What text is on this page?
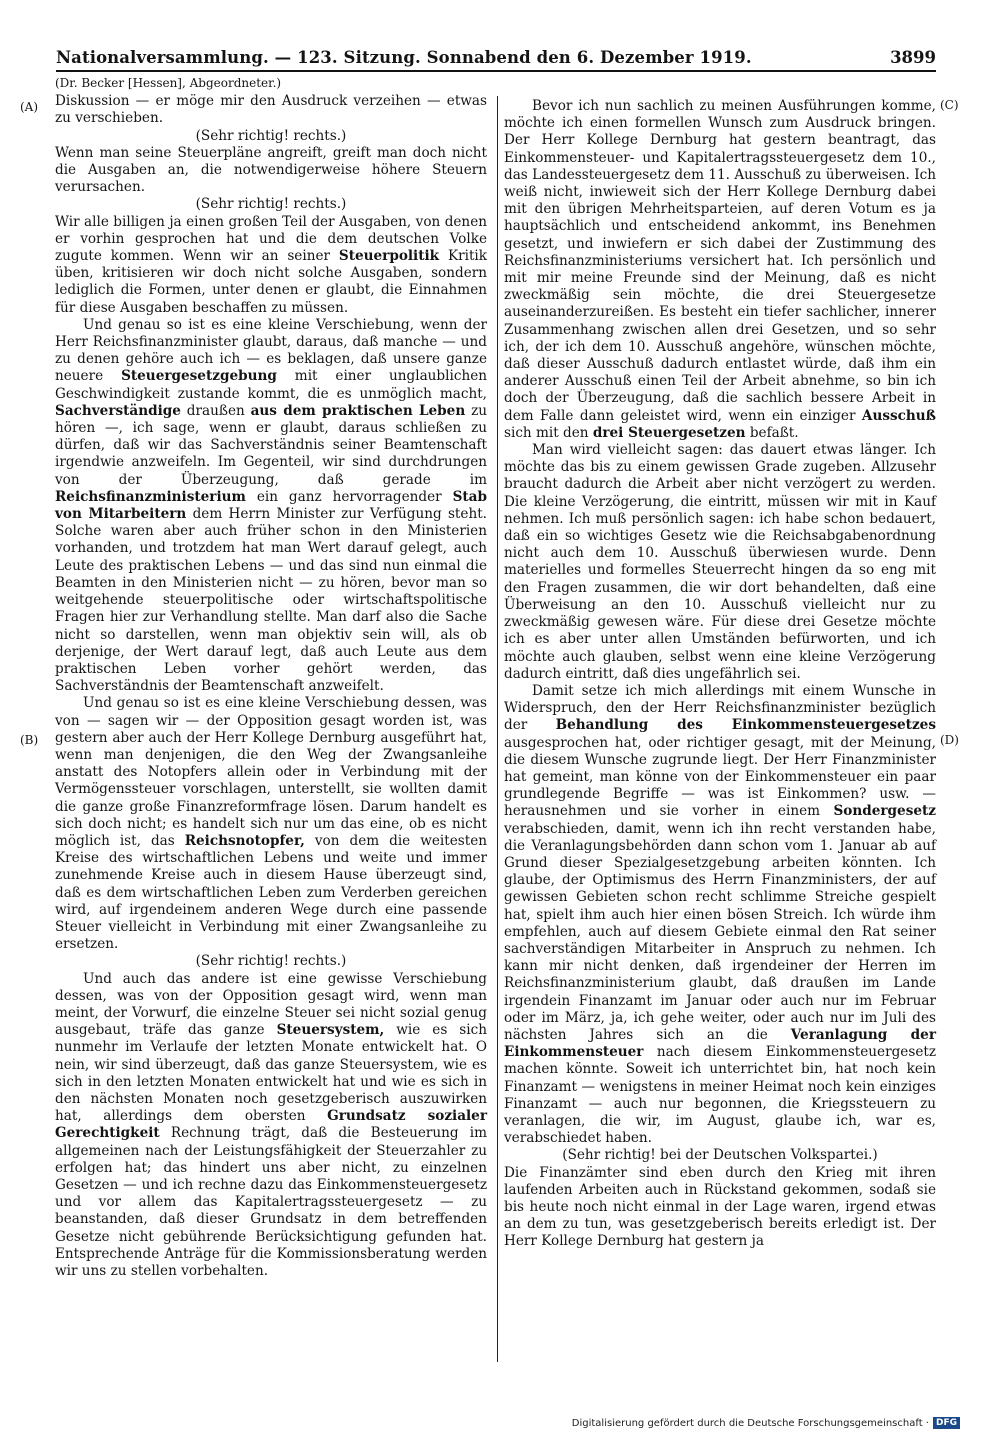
Nationalversammlung. — 123. Sitzung. Sonnabend den 6. Dezember 1919.	3899
(A)
(B)
(C)
(D)

(Dr. Becker [Hessen], Abgeordneter.)

Diskussion — er möge mir den Ausdruck verzeihen — etwas zu verschieben.

(Sehr richtig! rechts.)

Wenn man seine Steuerpläne angreift, greift man doch nicht die Ausgaben an, die notwendigerweise höhere Steuern verursachen.

(Sehr richtig! rechts.)

Wir alle billigen ja einen großen Teil der Ausgaben, von denen er vorhin gesprochen hat und die dem deutschen Volke zugute kommen. Wenn wir an seiner Steuerpolitik Kritik üben, kritisieren wir doch nicht solche Ausgaben, sondern lediglich die Formen, unter denen er glaubt, die Einnahmen für diese Ausgaben beschaffen zu müssen.

Und genau so ist es eine kleine Verschiebung, wenn der Herr Reichsfinanzminister glaubt, daraus, daß manche — und zu denen gehöre auch ich — es beklagen, daß unsere ganze neuere Steuergesetzgebung mit einer unglaublichen Geschwindigkeit zustande kommt, die es unmöglich macht, Sachverständige draußen aus dem praktischen Leben zu hören —, ich sage, wenn er glaubt, daraus schließen zu dürfen, daß wir das Sachverständnis seiner Beamtenschaft irgendwie anzweifeln. Im Gegenteil, wir sind durchdrungen von der Überzeugung, daß gerade im Reichsfinanzministerium ein ganz hervorragender Stab von Mitarbeitern dem Herrn Minister zur Verfügung steht. Solche waren aber auch früher schon in den Ministerien vorhanden, und trotzdem hat man Wert darauf gelegt, auch Leute des praktischen Lebens — und das sind nun einmal die Beamten in den Ministerien nicht — zu hören, bevor man so weitgehende steuerpolitische oder wirtschaftspolitische Fragen hier zur Verhandlung stellte. Man darf also die Sache nicht so darstellen, wenn man objektiv sein will, als ob derjenige, der Wert darauf legt, daß auch Leute aus dem praktischen Leben vorher gehört werden, das Sachverständnis der Beamtenschaft anzweifelt.

Und genau so ist es eine kleine Verschiebung dessen, was von — sagen wir — der Opposition gesagt worden ist, was gestern aber auch der Herr Kollege Dernburg ausgeführt hat, wenn man denjenigen, die den Weg der Zwangsanleihe anstatt des Notopfers allein oder in Verbindung mit der Vermögenssteuer vorschlagen, unterstellt, sie wollten damit die ganze große Finanzreformfrage lösen. Darum handelt es sich doch nicht; es handelt sich nur um das eine, ob es nicht möglich ist, das Reichsnotopfer, von dem die weitesten Kreise des wirtschaftlichen Lebens und weite und immer zunehmende Kreise auch in diesem Hause überzeugt sind, daß es dem wirtschaftlichen Leben zum Verderben gereichen wird, auf irgendeinem anderen Wege durch eine passende Steuer vielleicht in Verbindung mit einer Zwangsanleihe zu ersetzen.

(Sehr richtig! rechts.)

Und auch das andere ist eine gewisse Verschiebung dessen, was von der Opposition gesagt wird, wenn man meint, der Vorwurf, die einzelne Steuer sei nicht sozial genug ausgebaut, träfe das ganze Steuersystem, wie es sich nunmehr im Verlaufe der letzten Monate entwickelt hat. O nein, wir sind überzeugt, daß das ganze Steuersystem, wie es sich in den letzten Monaten entwickelt hat und wie es sich in den nächsten Monaten noch gesetzgeberisch auszuwirken hat, allerdings dem obersten Grundsatz sozialer Gerechtigkeit Rechnung trägt, daß die Besteuerung im allgemeinen nach der Leistungsfähigkeit der Steuerzahler zu erfolgen hat; das hindert uns aber nicht, zu einzelnen Gesetzen — und ich rechne dazu das Einkommensteuergesetz und vor allem das Kapitalertragssteuergesetz — zu beanstanden, daß dieser Grundsatz in dem betreffenden Gesetze nicht gebührende Berücksichtigung gefunden hat. Entsprechende Anträge für die Kommissionsberatung werden wir uns zu stellen vorbehalten.

Bevor ich nun sachlich zu meinen Ausführungen komme, möchte ich einen formellen Wunsch zum Ausdruck bringen. Der Herr Kollege Dernburg hat gestern beantragt, das Einkommensteuer- und Kapitalertragssteuergesetz dem 10., das Landessteuergesetz dem 11. Ausschuß zu überweisen. Ich weiß nicht, inwieweit sich der Herr Kollege Dernburg dabei mit den übrigen Mehrheitsparteien, auf deren Votum es ja hauptsächlich und entscheidend ankommt, ins Benehmen gesetzt, und inwiefern er sich dabei der Zustimmung des Reichsfinanzministeriums versichert hat. Ich persönlich und mit mir meine Freunde sind der Meinung, daß es nicht zweckmäßig sein möchte, die drei Steuergesetze auseinanderzureißen. Es besteht ein tiefer sachlicher, innerer Zusammenhang zwischen allen drei Gesetzen, und so sehr ich, der ich dem 10. Ausschuß angehöre, wünschen möchte, daß dieser Ausschuß dadurch entlastet würde, daß ihm ein anderer Ausschuß einen Teil der Arbeit abnehme, so bin ich doch der Überzeugung, daß die sachlich bessere Arbeit in dem Falle dann geleistet wird, wenn ein einziger Ausschuß sich mit den drei Steuergesetzen befaßt.

Man wird vielleicht sagen: das dauert etwas länger. Ich möchte das bis zu einem gewissen Grade zugeben. Allzusehr braucht dadurch die Arbeit aber nicht verzögert zu werden. Die kleine Verzögerung, die eintritt, müssen wir mit in Kauf nehmen. Ich muß persönlich sagen: ich habe schon bedauert, daß ein so wichtiges Gesetz wie die Reichsabgabenordnung nicht auch dem 10. Ausschuß überwiesen wurde. Denn materielles und formelles Steuerrecht hingen da so eng mit den Fragen zusammen, die wir dort behandelten, daß eine Überweisung an den 10. Ausschuß vielleicht nur zu zweckmäßig gewesen wäre. Für diese drei Gesetze möchte ich es aber unter allen Umständen befürworten, und ich möchte auch glauben, selbst wenn eine kleine Verzögerung dadurch eintritt, daß dies ungefährlich sei.

Damit setze ich mich allerdings mit einem Wunsche in Widerspruch, den der Herr Reichsfinanzminister bezüglich der Behandlung des Einkommensteuergesetzes ausgesprochen hat, oder richtiger gesagt, mit der Meinung, die diesem Wunsche zugrunde liegt. Der Herr Finanzminister hat gemeint, man könne von der Einkommensteuer ein paar grundlegende Begriffe — was ist Einkommen? usw. — herausnehmen und sie vorher in einem Sondergesetz verabschieden, damit, wenn ich ihn recht verstanden habe, die Veranlagungsbehörden dann schon vom 1. Januar ab auf Grund dieser Spezialgesetzgebung arbeiten könnten. Ich glaube, der Optimismus des Herrn Finanzministers, der auf gewissen Gebieten schon recht schlimme Streiche gespielt hat, spielt ihm auch hier einen bösen Streich. Ich würde ihm empfehlen, auch auf diesem Gebiete einmal den Rat seiner sachverständigen Mitarbeiter in Anspruch zu nehmen. Ich kann mir nicht denken, daß irgendeiner der Herren im Reichsfinanzministerium glaubt, daß draußen im Lande irgendein Finanzamt im Januar oder auch nur im Februar oder im März, ja, ich gehe weiter, oder auch nur im Juli des nächsten Jahres sich an die Veranlagung der Einkommensteuer nach diesem Einkommensteuergesetz machen könnte. Soweit ich unterrichtet bin, hat noch kein Finanzamt — wenigstens in meiner Heimat noch kein einziges Finanzamt — auch nur begonnen, die Kriegssteuern zu veranlagen, die wir, im August, glaube ich, war es, verabschiedet haben.

(Sehr richtig! bei der Deutschen Volkspartei.)

Die Finanzämter sind eben durch den Krieg mit ihren laufenden Arbeiten auch in Rückstand gekommen, sodaß sie bis heute noch nicht einmal in der Lage waren, irgend etwas an dem zu tun, was gesetzgeberisch bereits erledigt ist. Der Herr Kollege Dernburg hat gestern ja

Digitalisierung gefördert durch die Deutsche Forschungsgemeinschaft · DFG
